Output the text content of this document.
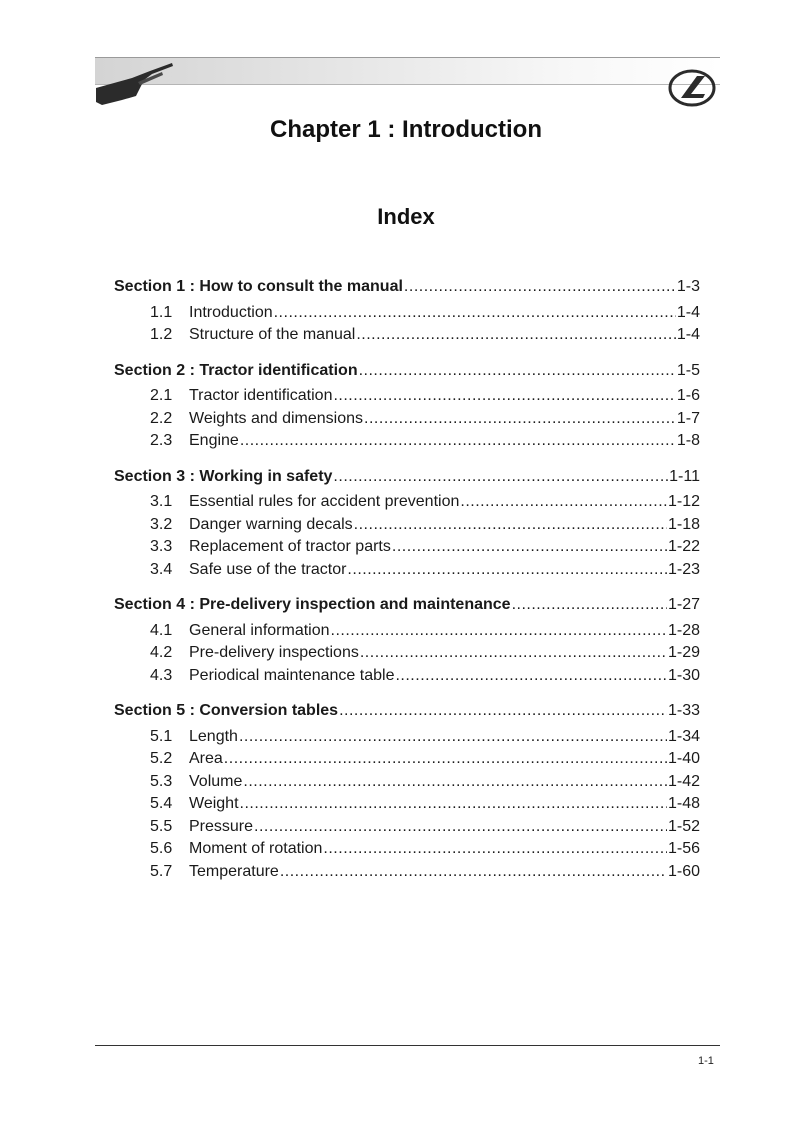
Chapter 1 : Introduction
Index
Section 1 : How to consult the manual .....	1-3
1.1	Introduction .....	1-4
1.2	Structure of the manual .....	1-4
Section 2 : Tractor identification .....	1-5
2.1	Tractor identification .....	1-6
2.2	Weights and dimensions .....	1-7
2.3	Engine .....	1-8
Section 3 : Working in safety .....	1-11
3.1	Essential rules for accident prevention .....	1-12
3.2	Danger warning decals .....	1-18
3.3	Replacement of tractor parts .....	1-22
3.4	Safe use of the tractor .....	1-23
Section 4 : Pre-delivery inspection and maintenance .....	1-27
4.1	General information .....	1-28
4.2	Pre-delivery inspections .....	1-29
4.3	Periodical maintenance table .....	1-30
Section 5 : Conversion tables .....	1-33
5.1	Length .....	1-34
5.2	Area .....	1-40
5.3	Volume .....	1-42
5.4	Weight .....	1-48
5.5	Pressure .....	1-52
5.6	Moment of rotation .....	1-56
5.7	Temperature .....	1-60
1-1
